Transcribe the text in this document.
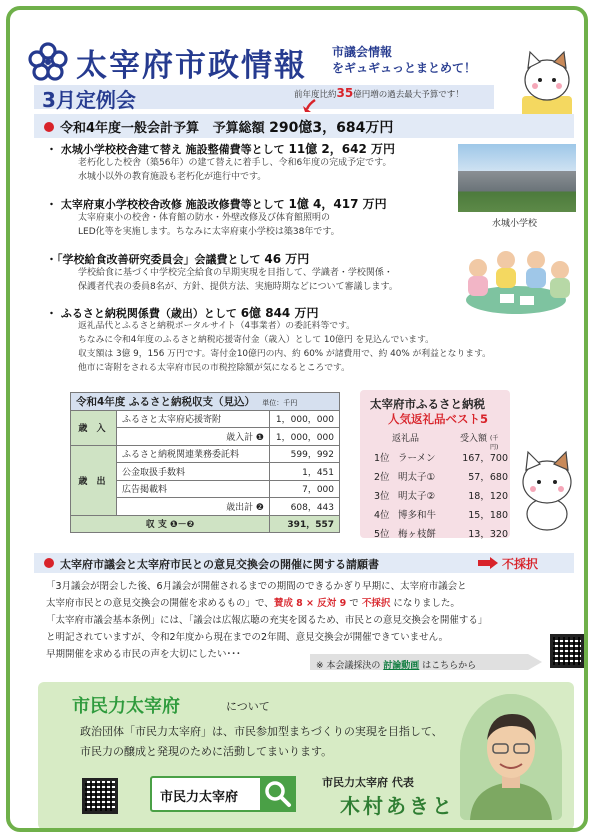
太宰府市政情報 市議会情報
をギュギュっとまとめて！
3月定例会	前年度比約35億円増の過去最大予算です！
令和4年度一般会計予算 予算総額 290億3，684万円
・ 水城小学校校舎建て替え 施設整備費等として 11億 2，642 万円
老朽化した校舎（築56年）の建て替えに着手し、令和6年度の完成予定です。
水城小以外の教育施設も老朽化が進行中です。
・ 太宰府東小学校校舎改修 施設改修費等として 1億 4，417 万円
太宰府東小の校舎・体育館の防水・外壁改修及び体育館照明の
LED化等を実施します。ちなみに太宰府東小学校は築38年です。
・「学校給食改善研究委員会」会議費として 46 万円
学校給食に基づく中学校完全給食の早期実現を目指して、学識者・学校関係・
保護者代表の委員8名が、方針、提供方法、実施時期などについて審議します。
・ ふるさと納税関係費（歳出）として 6億 844 万円
返礼品代とふるさと納税ポータルサイト（4事業者）の委託料等です。
ちなみに令和4年度のふるさと納税応援寄付金（歳入）として 10億円 を見込んでいます。
収支額は 3億 9，156 万円です。寄付金10億円の内、約 60% が諸費用で、約 40% が利益となります。
他市に寄附をされる太宰府市民の市税控除額が気になるところです。
水城小学校
令和4年度 ふるさと納税収支（見込） 単位：千円		
歳 入	ふるさと太宰府応援寄附	1，000，000
	歳入計 ❶	1，000，000
歳 出	ふるさと納税関連業務委託料	599，992
	公金取扱手数料	1，451
	広告掲載料	7，000
	歳出計 ❷	608，443
収 支 ❶－❷		391，557
太宰府市ふるさと納税
人気返礼品ベスト5
返礼品	受入額 (千円)
1位 ラーメン	167，700
2位 明太子①	57，680
3位 明太子②	18，120
4位 博多和牛	15，180
5位 梅ヶ枝餅	13，320
太宰府市議会と太宰府市民との意見交換会の開催に関する請願書	不採択
「3月議会が閉会した後、6月議会が開催されるまでの期間のできるかぎり早期に、太宰府市議会と
太宰府市民との意見交換会の開催を求めるもの」で、賛成 8 × 反対 9 で 不採択 になりました。
「太宰府市議会基本条例」には、「議会は広報広聴の充実を図るため、市民との意見交換会を開催する」
と明記されていますが、令和2年度から現在までの2年間、意見交換会が開催できていません。
早期開催を求める市民の声を大切にしたい･･･
※ 本会議採決の 討論動画 はこちらから
市民力太宰府	について
政治団体「市民力太宰府」は、市民参加型まちづくりの実現を目指して、市民力の醸成と発現のために活動してまいります。
市民力太宰府
市民力太宰府 代表
木村あきと
